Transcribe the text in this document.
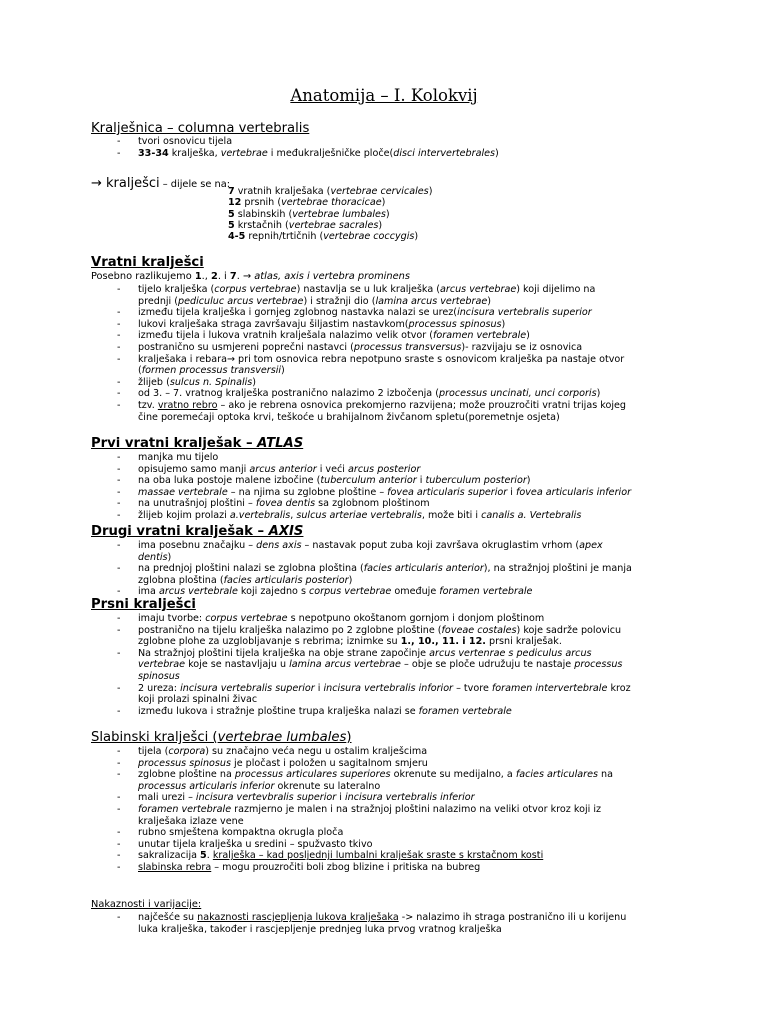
Anatomija – I. Kolokvij
Kralješnica – columna vertebralis
- tvori osnovicu tijela
- 33-34 kralješka, vertebrae i međukralješničke ploče(disci intervertebrales)
→ kralješci – dijele se na:
7 vratnih kralješaka (vertebrae cervicales)
12 prsnih (vertebrae thoracicae)
5 slabinskih (vertebrae lumbales)
5 krstačnih (vertebrae sacrales)
4-5 repnih/trtičnih (vertebrae coccygis)
Vratni kralješci
Posebno razlikujemo 1., 2. i 7. → atlas, axis i vertebra prominens
- tijelo kralješka (corpus vertebrae) nastavlja se u luk kralješka (arcus vertebrae) koji dijelimo na
prednji (pediculuc arcus vertebrae) i stražnji dio (lamina arcus vertebrae)
- između tijela kralješka i gornjeg zglobnog nastavka nalazi se urez(incisura vertebralis superior
- lukovi kralješaka straga završavaju šiljastim nastavkom(processus spinosus)
- između tijela i lukova vratnih kralješala nalazimo velik otvor (foramen vertebrale)
- postranično su usmjereni poprečni nastavci (processus transversus)- razvijaju se iz osnovica
- kralješaka i rebara→ pri tom osnovica rebra nepotpuno sraste s osnovicom kralješka pa nastaje otvor
(formen processus transversii)
- žlijeb (sulcus n. Spinalis)
- od 3. – 7. vratnog kralješka postranično nalazimo 2 izbočenja (processus uncinati, unci corporis)
- tzv. vratno rebro – ako je rebrena osnovica prekomjerno razvijena; može prouzročiti vratni trijas kojeg
čine poremećaji optoka krvi, teškoće u brahijalnom živčanom spletu(poremetnje osjeta)
Prvi vratni kralješak – ATLAS
- manjka mu tijelo
- opisujemo samo manji arcus anterior i veći arcus posterior
- na oba luka postoje malene izbočine (tuberculum anterior i tuberculum posterior)
- massae vertebrale – na njima su zglobne ploštine – fovea articularis superior i fovea articularis inferior
- na unutrašnjoj ploštini – fovea dentis sa zglobnom ploštinom
- žlijeb kojim prolazi a.vertebralis, sulcus arteriae vertebralis, može biti i canalis a. Vertebralis
Drugi vratni kralješak – AXIS
- ima posebnu značajku – dens axis – nastavak poput zuba koji završava okruglastim vrhom (apex
dentis)
- na prednjoj ploštini nalazi se zglobna ploština (facies articularis anterior), na stražnjoj ploštini je manja
zglobna ploština (facies articularis posterior)
- ima arcus vertebrale koji zajedno s corpus vertebrae omeđuje foramen vertebrale
Prsni kralješci
- imaju tvorbe: corpus vertebrae s nepotpuno okoštanom gornjom i donjom ploštinom
- postranično na tijelu kralješka nalazimo po 2 zglobne ploštine (foveae costales) koje sadrže polovicu
zglobne plohe za uzglobljavanje s rebrima; iznimke su 1., 10., 11. i 12. prsni kralješak.
- Na stražnjoj ploštini tijela kralješka na obje strane započinje arcus vertenrae s pediculus arcus
vertebrae koje se nastavljaju u lamina arcus vertebrae – obje se ploče udružuju te nastaje processus
spinosus
- 2 ureza: incisura vertebralis superior i incisura vertebralis inforior – tvore foramen intervertebrale kroz
koji prolazi spinalni živac
- između lukova i stražnje ploštine trupa kralješka nalazi se foramen vertebrale
Slabinski kralješci (vertebrae lumbales)
- tijela (corpora) su značajno veća negu u ostalim kralješcima
- processus spinosus je pločast i položen u sagitalnom smjeru
- zglobne ploštine na processus articulares superiores okrenute su medijalno, a facies articulares na
processus articularis inferior okrenute su lateralno
- mali urezi – incisura vertevbralis superior i incisura vertebralis inferior
- foramen vertebrale razmjerno je malen i na stražnjoj ploštini nalazimo na veliki otvor kroz koji iz
kralješaka izlaze vene
- rubno smještena kompaktna okrugla ploča
- unutar tijela kralješka u sredini – spužvasto tkivo
- sakralizacija 5. kralješka – kad posljednji lumbalni kralješak sraste s krstačnom kosti
- slabinska rebra – mogu prouzročiti boli zbog blizine i pritiska na bubreg
Nakaznosti i varijacije:
- najčešće su nakaznosti rascjepljenja lukova kralješaka -> nalazimo ih straga postranično ili u korijenu
luka kralješka, također i rascjepljenje prednjeg luka prvog vratnog kralješka
